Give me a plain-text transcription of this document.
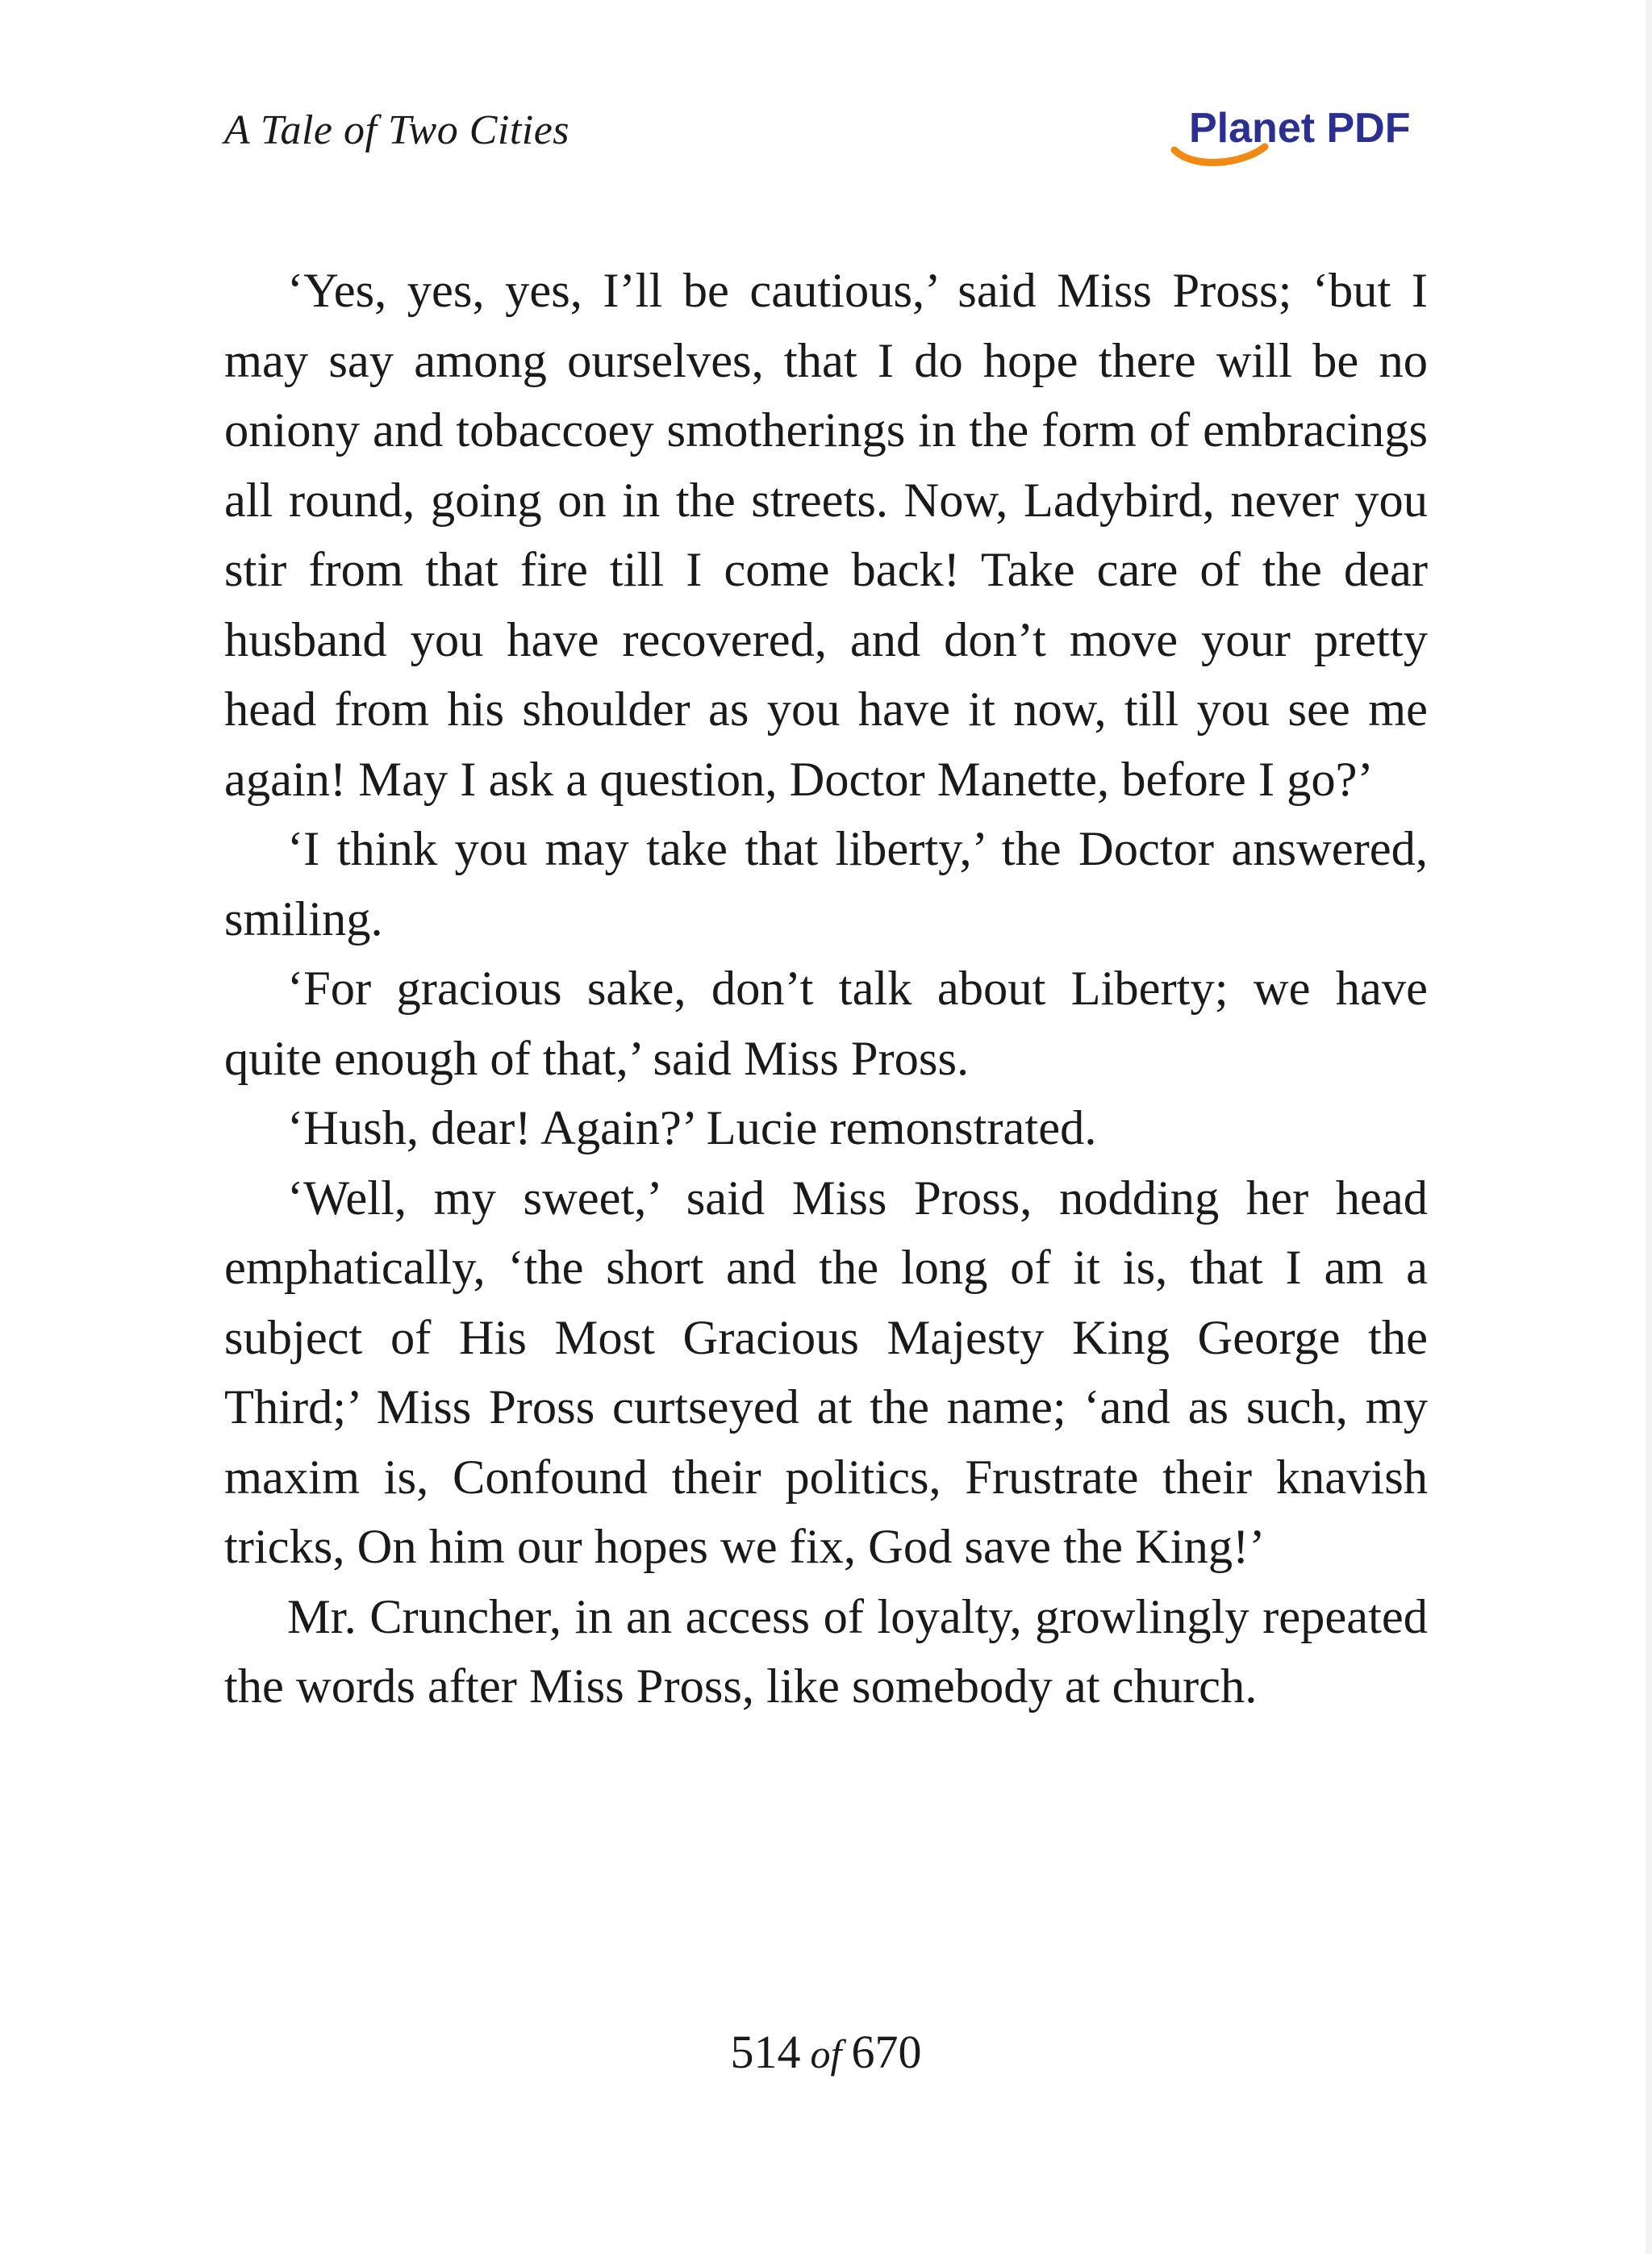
A Tale of Two Cities	Planet PDF

‘Yes, yes, yes, I’ll be cautious,’ said Miss Pross; ‘but I may say among ourselves, that I do hope there will be no oniony and tobaccoey smotherings in the form of embracings all round, going on in the streets. Now, Ladybird, never you stir from that fire till I come back! Take care of the dear husband you have recovered, and don’t move your pretty head from his shoulder as you have it now, till you see me again! May I ask a question, Doctor Manette, before I go?’

‘I think you may take that liberty,’ the Doctor answered, smiling.

‘For gracious sake, don’t talk about Liberty; we have quite enough of that,’ said Miss Pross.

‘Hush, dear! Again?’ Lucie remonstrated.

‘Well, my sweet,’ said Miss Pross, nodding her head emphatically, ‘the short and the long of it is, that I am a subject of His Most Gracious Majesty King George the Third;’ Miss Pross curtseyed at the name; ‘and as such, my maxim is, Confound their politics, Frustrate their knavish tricks, On him our hopes we fix, God save the King!’

Mr. Cruncher, in an access of loyalty, growlingly repeated the words after Miss Pross, like somebody at church.

514 of 670
